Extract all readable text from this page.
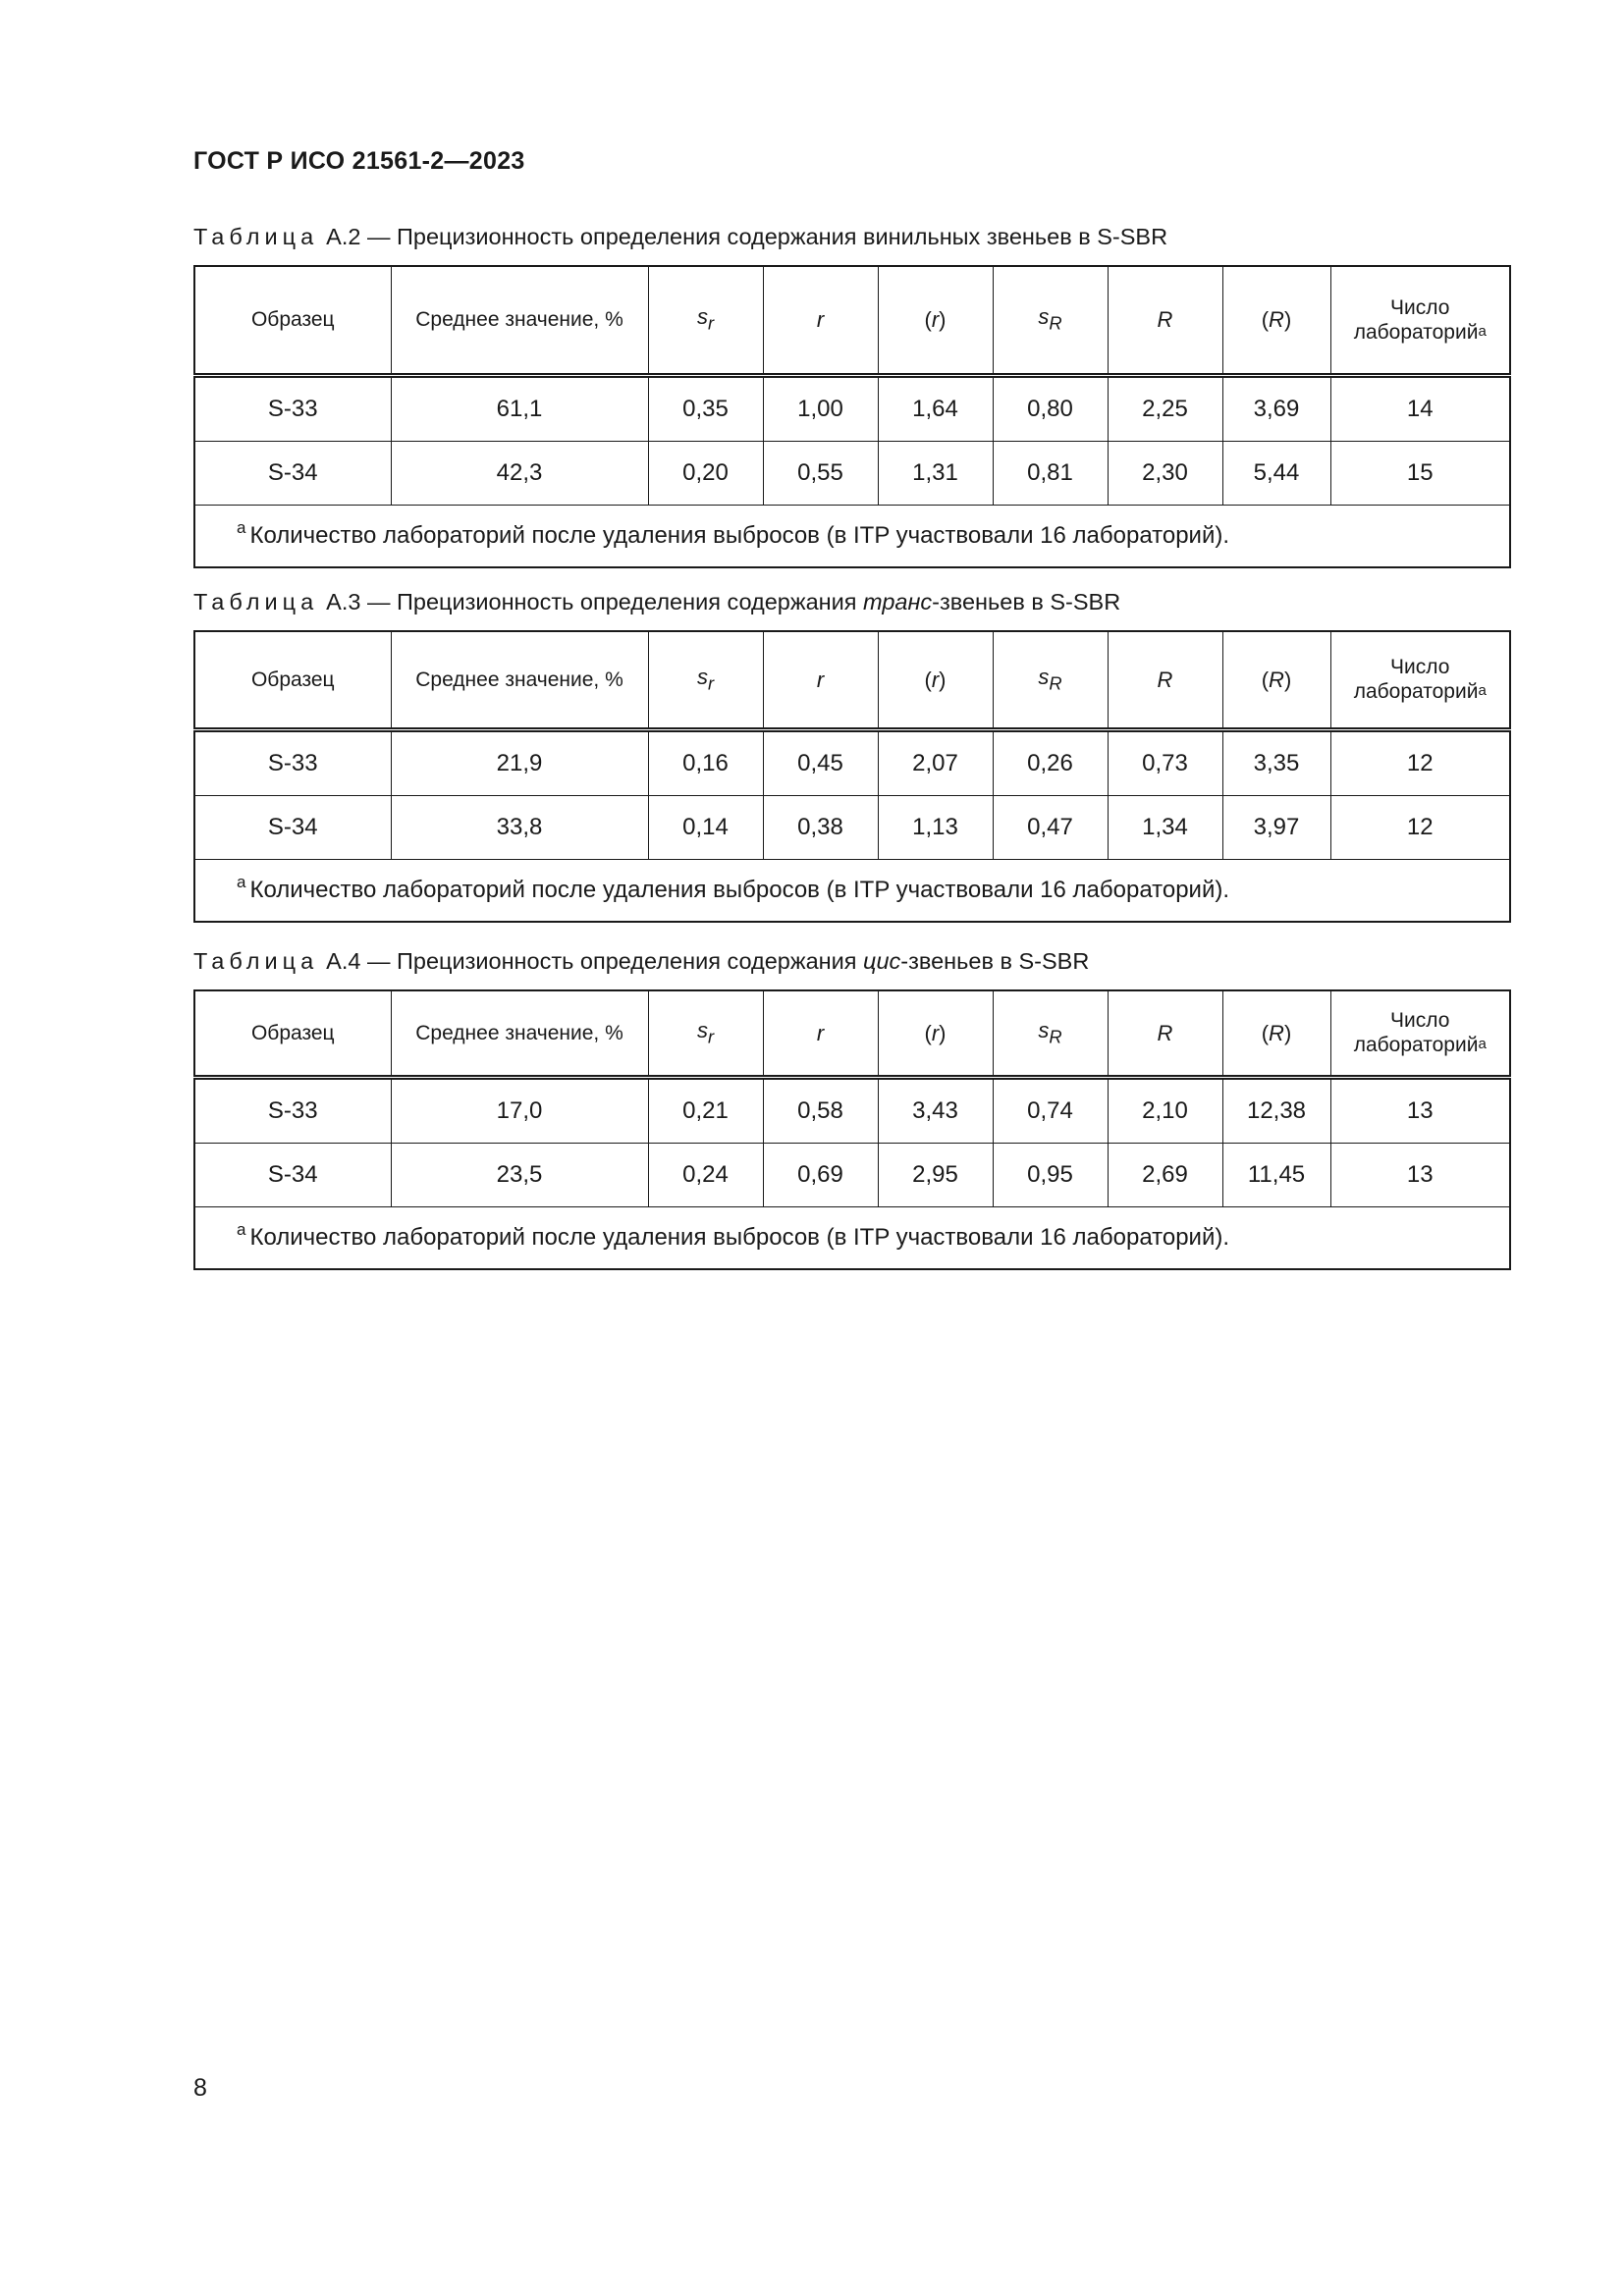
ГОСТ Р ИСО 21561-2—2023
Таблица А.2 — Прецизионность определения содержания винильных звеньев в S-SBR
Образец	Среднее значение, %	$s_r$	r	(r)	$s_R$	R	(R)	Число
лабораторий$^a$
S-33	61,1	0,35	1,00	1,64	0,80	2,25	3,69	14
S-34	42,3	0,20	0,55	1,31	0,81	2,30	5,44	15
$^a$ Количество лабораторий после удаления выбросов (в ITP участвовали 16 лабораторий).								
Таблица А.3 — Прецизионность определения содержания транс-звеньев в S-SBR
Образец	Среднее значение, %	$s_r$	r	(r)	$s_R$	R	(R)	Число
лабораторий$^a$
S-33	21,9	0,16	0,45	2,07	0,26	0,73	3,35	12
S-34	33,8	0,14	0,38	1,13	0,47	1,34	3,97	12
$^a$ Количество лабораторий после удаления выбросов (в ITP участвовали 16 лабораторий).								
Таблица А.4 — Прецизионность определения содержания цис-звеньев в S-SBR
Образец	Среднее значение, %	$s_r$	r	(r)	$s_R$	R	(R)	Число
лабораторий$^a$
S-33	17,0	0,21	0,58	3,43	0,74	2,10	12,38	13
S-34	23,5	0,24	0,69	2,95	0,95	2,69	11,45	13
$^a$ Количество лабораторий после удаления выбросов (в ITP участвовали 16 лабораторий).								
8
